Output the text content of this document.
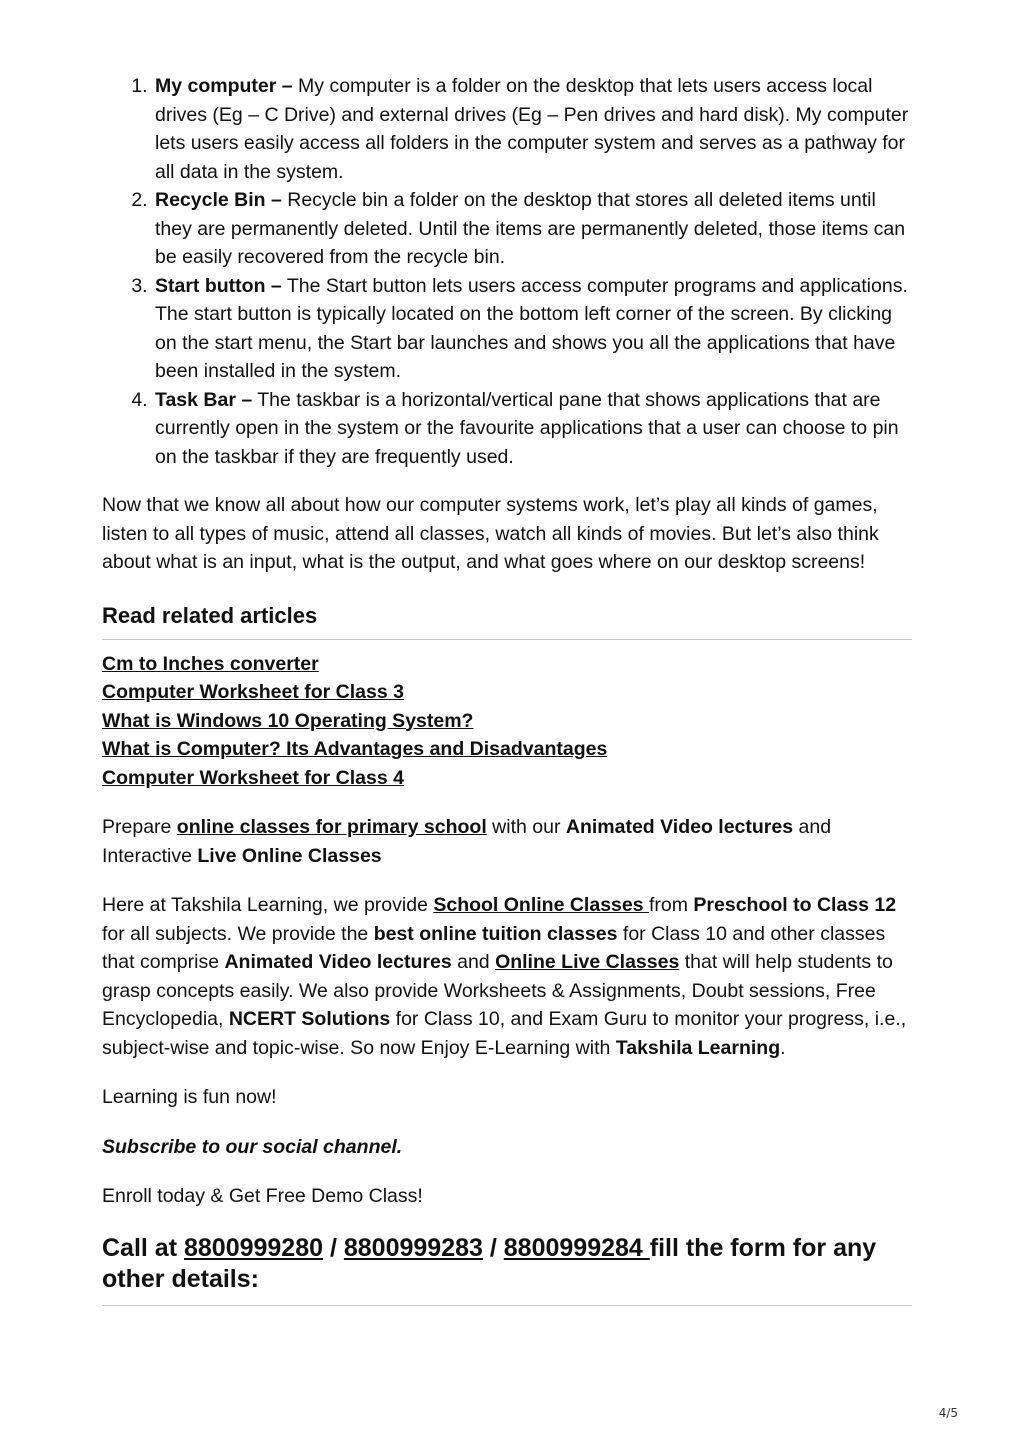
1. My computer – My computer is a folder on the desktop that lets users access local drives (Eg – C Drive) and external drives (Eg – Pen drives and hard disk). My computer lets users easily access all folders in the computer system and serves as a pathway for all data in the system.
2. Recycle Bin – Recycle bin a folder on the desktop that stores all deleted items until they are permanently deleted. Until the items are permanently deleted, those items can be easily recovered from the recycle bin.
3. Start button – The Start button lets users access computer programs and applications. The start button is typically located on the bottom left corner of the screen. By clicking on the start menu, the Start bar launches and shows you all the applications that have been installed in the system.
4. Task Bar – The taskbar is a horizontal/vertical pane that shows applications that are currently open in the system or the favourite applications that a user can choose to pin on the taskbar if they are frequently used.

Now that we know all about how our computer systems work, let’s play all kinds of games, listen to all types of music, attend all classes, watch all kinds of movies. But let’s also think about what is an input, what is the output, and what goes where on our desktop screens!

Read related articles
Cm to Inches converter
Computer Worksheet for Class 3
What is Windows 10 Operating System?
What is Computer? Its Advantages and Disadvantages
Computer Worksheet for Class 4

Prepare online classes for primary school with our Animated Video lectures and Interactive Live Online Classes

Here at Takshila Learning, we provide School Online Classes from Preschool to Class 12 for all subjects. We provide the best online tuition classes for Class 10 and other classes that comprise Animated Video lectures and Online Live Classes that will help students to grasp concepts easily. We also provide Worksheets & Assignments, Doubt sessions, Free Encyclopedia, NCERT Solutions for Class 10, and Exam Guru to monitor your progress, i.e., subject-wise and topic-wise. So now Enjoy E-Learning with Takshila Learning.

Learning is fun now!

Subscribe to our social channel.

Enroll today & Get Free Demo Class!

Call at 8800999280 / 8800999283 / 8800999284 fill the form for any other details:
4/5
